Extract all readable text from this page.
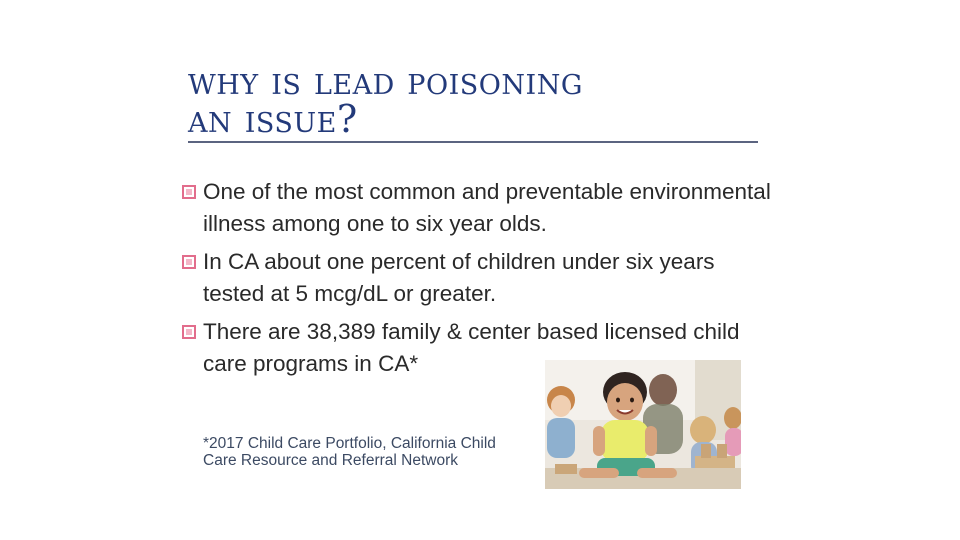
why is lead poisoning
an issue?
One of the most common and preventable environmental illness among one to six year olds.
In CA about one percent of children under six years tested at 5 mcg/dL or greater.
There are 38,389 family & center based licensed child care programs in CA*
*2017 Child Care Portfolio, California Child Care Resource and Referral Network
